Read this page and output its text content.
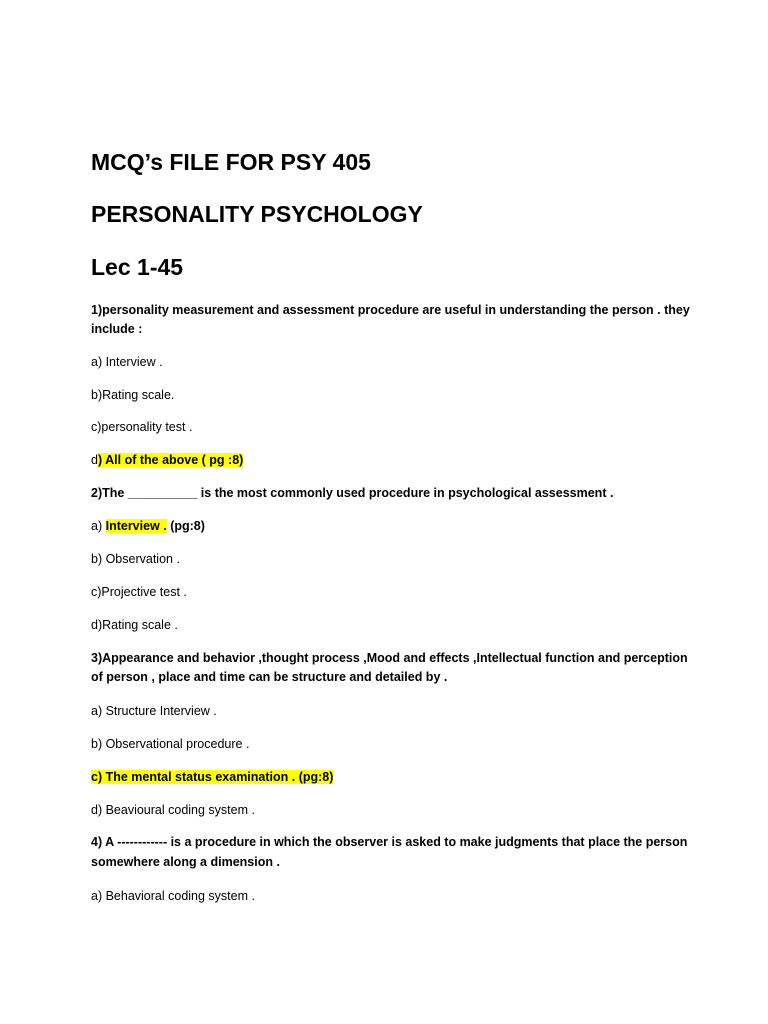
MCQ’s FILE FOR PSY 405
PERSONALITY PSYCHOLOGY
Lec 1-45

1)personality measurement and assessment procedure are useful in understanding the person . they

include :

a) Interview .

b)Rating scale.

c)personality test .

d) All of the above ( pg :8)

2)The __________ is the most commonly used procedure in psychological assessment .

a) Interview . (pg:8)

b) Observation .

c)Projective test .

d)Rating scale .

3)Appearance and behavior ,thought process ,Mood and effects ,Intellectual function and perception

of person , place and time can be structure and detailed by .

a) Structure Interview .

b) Observational procedure .

c) The mental status examination . (pg:8)

d) Beavioural coding system .

4) A ------------ is a procedure in which the observer is asked to make judgments that place the person

somewhere along a dimension .

a) Behavioral coding system .
